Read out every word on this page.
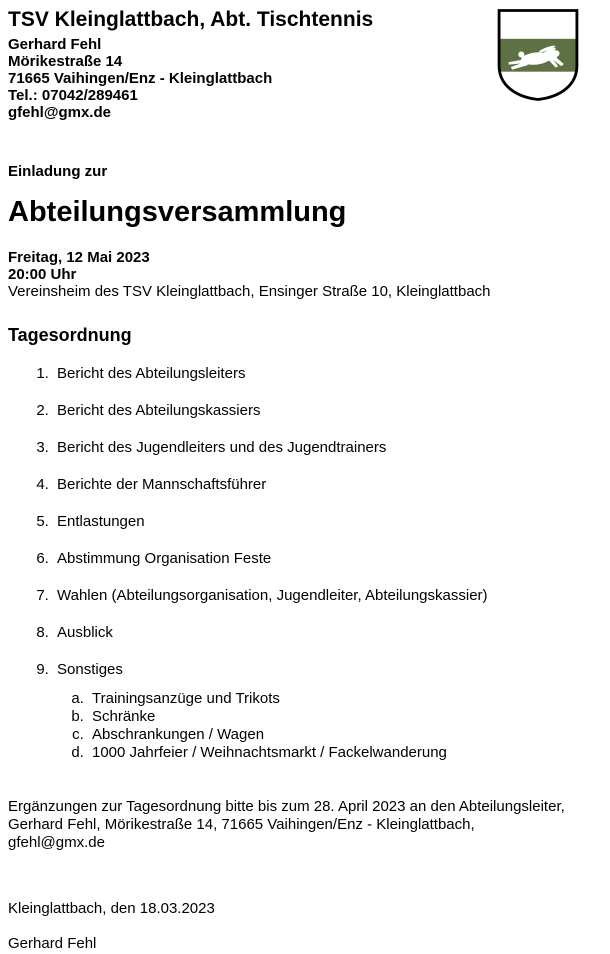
TSV Kleinglattbach, Abt. Tischtennis
Gerhard Fehl
Mörikestraße 14
71665 Vaihingen/Enz - Kleinglattbach
Tel.: 07042/289461
gfehl@gmx.de
Einladung zur
Abteilungsversammlung
Freitag, 12 Mai 2023
20:00 Uhr
Vereinsheim des TSV Kleinglattbach, Ensinger Straße 10, Kleinglattbach
Tagesordnung
1. Bericht des Abteilungsleiters
2. Bericht des Abteilungskassiers
3. Bericht des Jugendleiters und des Jugendtrainers
4. Berichte der Mannschaftsführer
5. Entlastungen
6. Abstimmung Organisation Feste
7. Wahlen (Abteilungsorganisation, Jugendleiter, Abteilungskassier)
8. Ausblick
9. Sonstiges
a. Trainingsanzüge und Trikots
b. Schränke
c. Abschrankungen / Wagen
d. 1000 Jahrfeier / Weihnachtsmarkt / Fackelwanderung
Ergänzungen zur Tagesordnung bitte bis zum 28. April 2023 an den Abteilungsleiter,
Gerhard Fehl, Mörikestraße 14, 71665 Vaihingen/Enz - Kleinglattbach,
gfehl@gmx.de
Kleinglattbach, den 18.03.2023
Gerhard Fehl
